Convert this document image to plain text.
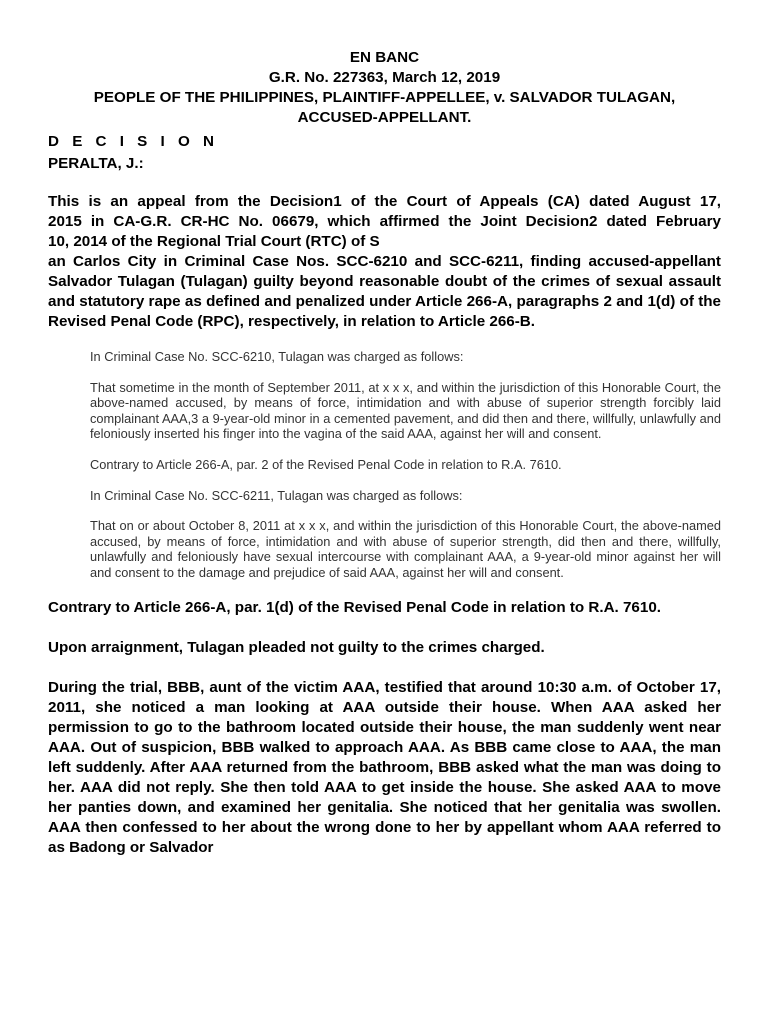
EN BANC

G.R. No. 227363, March 12, 2019

PEOPLE OF THE PHILIPPINES, PLAINTIFF-APPELLEE, v. SALVADOR TULAGAN,

ACCUSED-APPELLANT.

D E C I S I O N
PERALTA, J.:

This is an appeal from the Decision1 of the Court of Appeals (CA) dated August 17,

2015 in CA-G.R. CR-HC No. 06679, which affirmed the Joint Decision2 dated February

10, 2014 of the Regional Trial Court (RTC) of S

an Carlos City in Criminal Case Nos. SCC-6210 and SCC-6211, finding accused-appellant Salvador Tulagan (Tulagan) guilty beyond reasonable doubt of the crimes of sexual assault and statutory rape as defined and penalized under Article 266-A, paragraphs 2 and 1(d) of the Revised Penal Code (RPC), respectively, in relation to Article 266-B.

In Criminal Case No. SCC-6210, Tulagan was charged as follows:

That sometime in the month of September 2011, at x x x, and within the jurisdiction of this Honorable Court, the above-named accused, by means of force, intimidation and with abuse of superior strength forcibly laid complainant AAA,3 a 9-year-old minor in a cemented pavement, and did then and there, willfully, unlawfully and feloniously inserted his finger into the vagina of the said AAA, against her will and consent.

Contrary to Article 266-A, par. 2 of the Revised Penal Code in relation to R.A. 7610.

In Criminal Case No. SCC-6211, Tulagan was charged as follows:

That on or about October 8, 2011 at x x x, and within the jurisdiction of this Honorable Court, the above-named accused, by means of force, intimidation and with abuse of superior strength, did then and there, willfully, unlawfully and feloniously have sexual intercourse with complainant AAA, a 9-year-old minor against her will and consent to the damage and prejudice of said AAA, against her will and consent.

Contrary to Article 266-A, par. 1(d) of the Revised Penal Code in relation to R.A. 7610.

Upon arraignment, Tulagan pleaded not guilty to the crimes charged.

During the trial, BBB, aunt of the victim AAA, testified that around 10:30 a.m. of October 17, 2011, she noticed a man looking at AAA outside their house. When AAA asked her permission to go to the bathroom located outside their house, the man suddenly went near AAA. Out of suspicion, BBB walked to approach AAA. As BBB came close to AAA, the man left suddenly. After AAA returned from the bathroom, BBB asked what the man was doing to her. AAA did not reply. She then told AAA to get inside the house. She asked AAA to move her panties down, and examined her genitalia. She noticed that her genitalia was swollen. AAA then confessed to her about the wrong done to her by appellant whom AAA referred to as Badong or Salvador
